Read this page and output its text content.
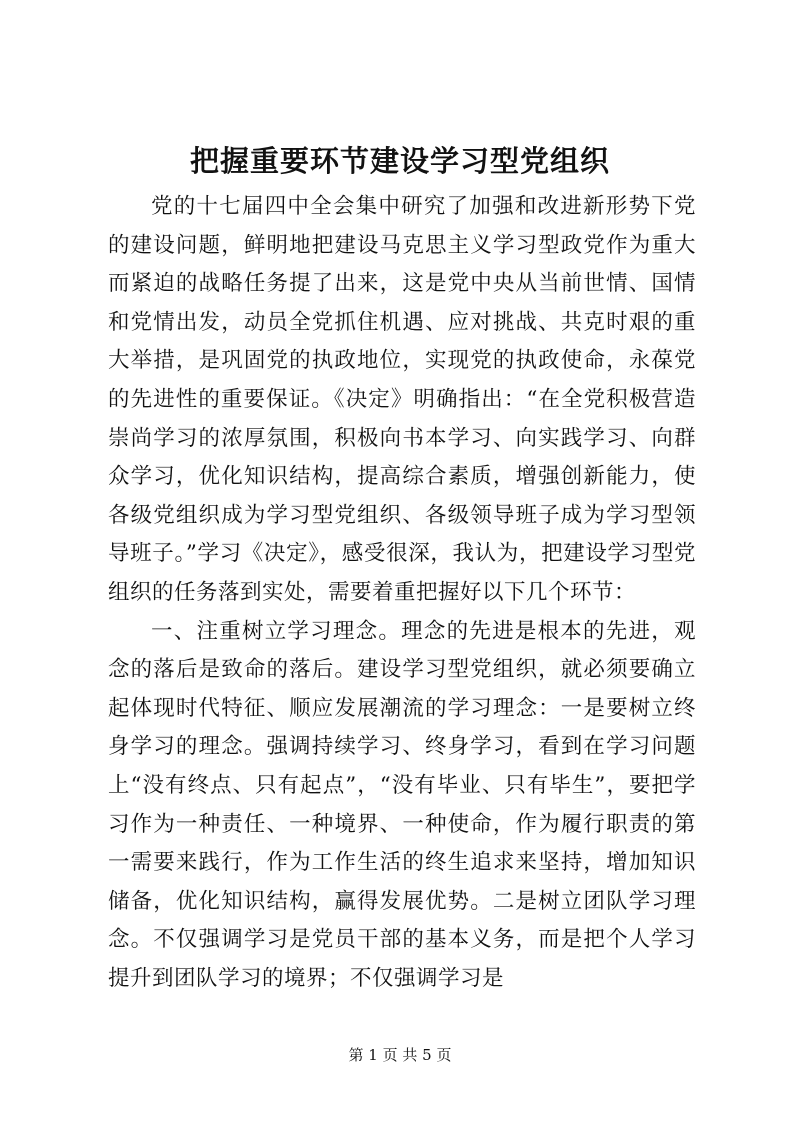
把握重要环节建设学习型党组织

党的十七届四中全会集中研究了加强和改进新形势下党的建设问题，鲜明地把建设马克思主义学习型政党作为重大而紧迫的战略任务提了出来，这是党中央从当前世情、国情和党情出发，动员全党抓住机遇、应对挑战、共克时艰的重大举措，是巩固党的执政地位，实现党的执政使命，永葆党的先进性的重要保证。《决定》明确指出：“在全党积极营造崇尚学习的浓厚氛围，积极向书本学习、向实践学习、向群众学习，优化知识结构，提高综合素质，增强创新能力，使各级党组织成为学习型党组织、各级领导班子成为学习型领导班子。”学习《决定》，感受很深，我认为，把建设学习型党组织的任务落到实处，需要着重把握好以下几个环节：

一、注重树立学习理念。理念的先进是根本的先进，观念的落后是致命的落后。建设学习型党组织，就必须要确立起体现时代特征、顺应发展潮流的学习理念：一是要树立终身学习的理念。强调持续学习、终身学习，看到在学习问题上“没有终点、只有起点”，“没有毕业、只有毕生”，要把学习作为一种责任、一种境界、一种使命，作为履行职责的第一需要来践行，作为工作生活的终生追求来坚持，增加知识储备，优化知识结构，赢得发展优势。二是树立团队学习理念。不仅强调学习是党员干部的基本义务，而是把个人学习提升到团队学习的境界；不仅强调学习是

第 1 页 共 5 页
